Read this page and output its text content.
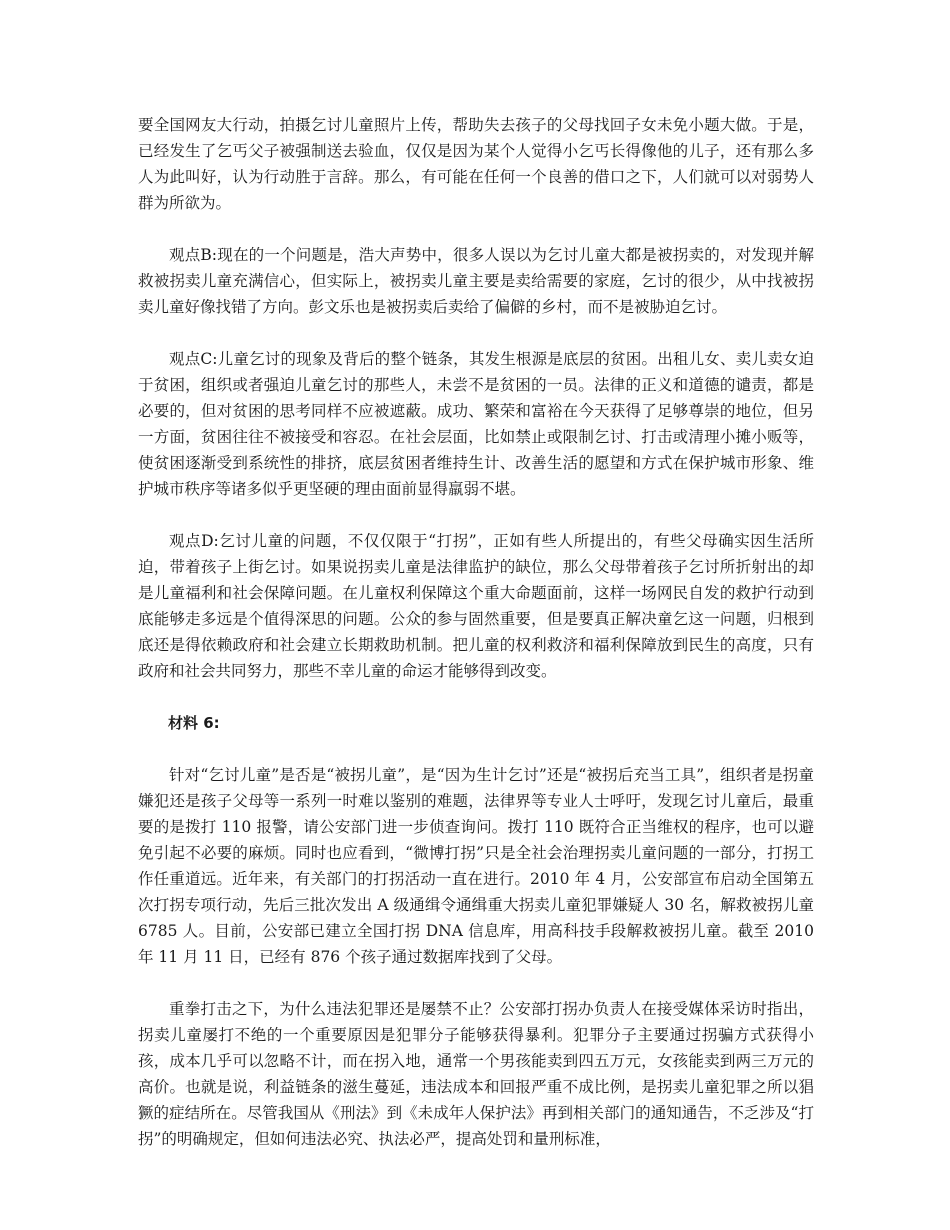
要全国网友大行动，拍摄乞讨儿童照片上传，帮助失去孩子的父母找回子女未免小题大做。于是，已经发生了乞丐父子被强制送去验血，仅仅是因为某个人觉得小乞丐长得像他的儿子，还有那么多人为此叫好，认为行动胜于言辞。那么，有可能在任何一个良善的借口之下，人们就可以对弱势人群为所欲为。

观点B:现在的一个问题是，浩大声势中，很多人误以为乞讨儿童大都是被拐卖的，对发现并解救被拐卖儿童充满信心，但实际上，被拐卖儿童主要是卖给需要的家庭，乞讨的很少，从中找被拐卖儿童好像找错了方向。彭文乐也是被拐卖后卖给了偏僻的乡村，而不是被胁迫乞讨。

观点C:儿童乞讨的现象及背后的整个链条，其发生根源是底层的贫困。出租儿女、卖儿卖女迫于贫困，组织或者强迫儿童乞讨的那些人，未尝不是贫困的一员。法律的正义和道德的谴责，都是必要的，但对贫困的思考同样不应被遮蔽。成功、繁荣和富裕在今天获得了足够尊崇的地位，但另一方面，贫困往往不被接受和容忍。在社会层面，比如禁止或限制乞讨、打击或清理小摊小贩等，使贫困逐渐受到系统性的排挤，底层贫困者维持生计、改善生活的愿望和方式在保护城市形象、维护城市秩序等诸多似乎更坚硬的理由面前显得羸弱不堪。

观点D:乞讨儿童的问题，不仅仅限于“打拐”，正如有些人所提出的，有些父母确实因生活所迫，带着孩子上街乞讨。如果说拐卖儿童是法律监护的缺位，那么父母带着孩子乞讨所折射出的却是儿童福利和社会保障问题。在儿童权利保障这个重大命题面前，这样一场网民自发的救护行动到底能够走多远是个值得深思的问题。公众的参与固然重要，但是要真正解决童乞这一问题，归根到底还是得依赖政府和社会建立长期救助机制。把儿童的权利救济和福利保障放到民生的高度，只有政府和社会共同努力，那些不幸儿童的命运才能够得到改变。

材料 6:

针对“乞讨儿童”是否是“被拐儿童”，是“因为生计乞讨”还是“被拐后充当工具”，组织者是拐童嫌犯还是孩子父母等一系列一时难以鉴别的难题，法律界等专业人士呼吁，发现乞讨儿童后，最重要的是拨打 110 报警，请公安部门进一步侦查询问。拨打 110 既符合正当维权的程序，也可以避免引起不必要的麻烦。同时也应看到，“微博打拐”只是全社会治理拐卖儿童问题的一部分，打拐工作任重道远。近年来，有关部门的打拐活动一直在进行。2010 年 4 月，公安部宣布启动全国第五次打拐专项行动，先后三批次发出 A 级通缉令通缉重大拐卖儿童犯罪嫌疑人 30 名，解救被拐儿童 6785 人。目前，公安部已建立全国打拐 DNA 信息库，用高科技手段解救被拐儿童。截至 2010 年 11 月 11 日，已经有 876 个孩子通过数据库找到了父母。

重拳打击之下，为什么违法犯罪还是屡禁不止？公安部打拐办负责人在接受媒体采访时指出，拐卖儿童屡打不绝的一个重要原因是犯罪分子能够获得暴利。犯罪分子主要通过拐骗方式获得小孩，成本几乎可以忽略不计，而在拐入地，通常一个男孩能卖到四五万元，女孩能卖到两三万元的高价。也就是说，利益链条的滋生蔓延，违法成本和回报严重不成比例，是拐卖儿童犯罪之所以猖獗的症结所在。尽管我国从《刑法》到《未成年人保护法》再到相关部门的通知通告，不乏涉及“打拐”的明确规定，但如何违法必究、执法必严，提高处罚和量刑标准，
